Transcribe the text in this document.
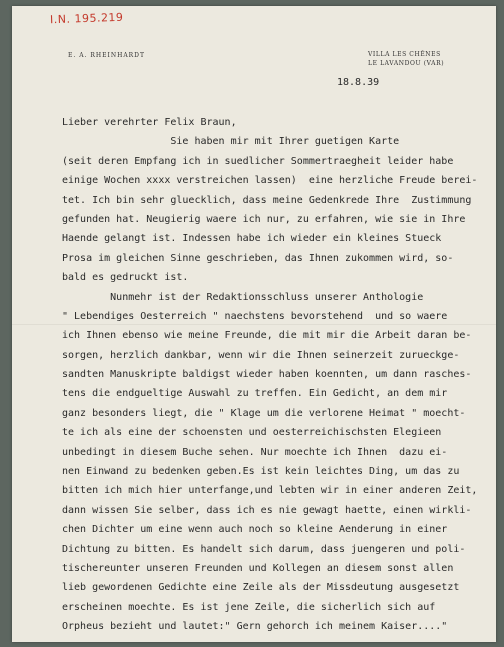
I.N. 195.219
E. A. RHEINHARDT	VILLA LES CHÊNES
LE LAVANDOU (VAR)
18.8.39
Lieber verehrter Felix Braun,
Sie haben mir mit Ihrer guetigen Karte
(seit deren Empfang ich in suedlicher Sommertraegheit leider habe
einige Wochen xxxx verstreichen lassen)  eine herzliche Freude berei-
tet. Ich bin sehr gluecklich, dass meine Gedenkrede Ihre  Zustimmung
gefunden hat. Neugierig waere ich nur, zu erfahren, wie sie in Ihre
Haende gelangt ist. Indessen habe ich wieder ein kleines Stueck
Prosa im gleichen Sinne geschrieben, das Ihnen zukommen wird, so-
bald es gedruckt ist.
Nunmehr ist der Redaktionsschluss unserer Anthologie
" Lebendiges Oesterreich " naechstens bevorstehend  und so waere
ich Ihnen ebenso wie meine Freunde, die mit mir die Arbeit daran be-
sorgen, herzlich dankbar, wenn wir die Ihnen seinerzeit zurueckge-
sandten Manuskripte baldigst wieder haben koennten, um dann rasches-
tens die endgueltige Auswahl zu treffen. Ein Gedicht, an dem mir
ganz besonders liegt, die " Klage um die verlorene Heimat " moecht-
te ich als eine der schoensten und oesterreichischsten Elegieen
unbedingt in diesem Buche sehen. Nur moechte ich Ihnen  dazu ei-
nen Einwand zu bedenken geben.Es ist kein leichtes Ding, um das zu
bitten ich mich hier unterfange,und lebten wir in einer anderen Zeit,
dann wissen Sie selber, dass ich es nie gewagt haette, einen wirkli-
chen Dichter um eine wenn auch noch so kleine Aenderung in einer
Dichtung zu bitten. Es handelt sich darum, dass juengeren und poli-
tischereunter unseren Freunden und Kollegen an diesem sonst allen
lieb gewordenen Gedichte eine Zeile als der Missdeutung ausgesetzt
erscheinen moechte. Es ist jene Zeile, die sicherlich sich auf
Orpheus bezieht und lautet:" Gern gehorch ich meinem Kaiser...."
